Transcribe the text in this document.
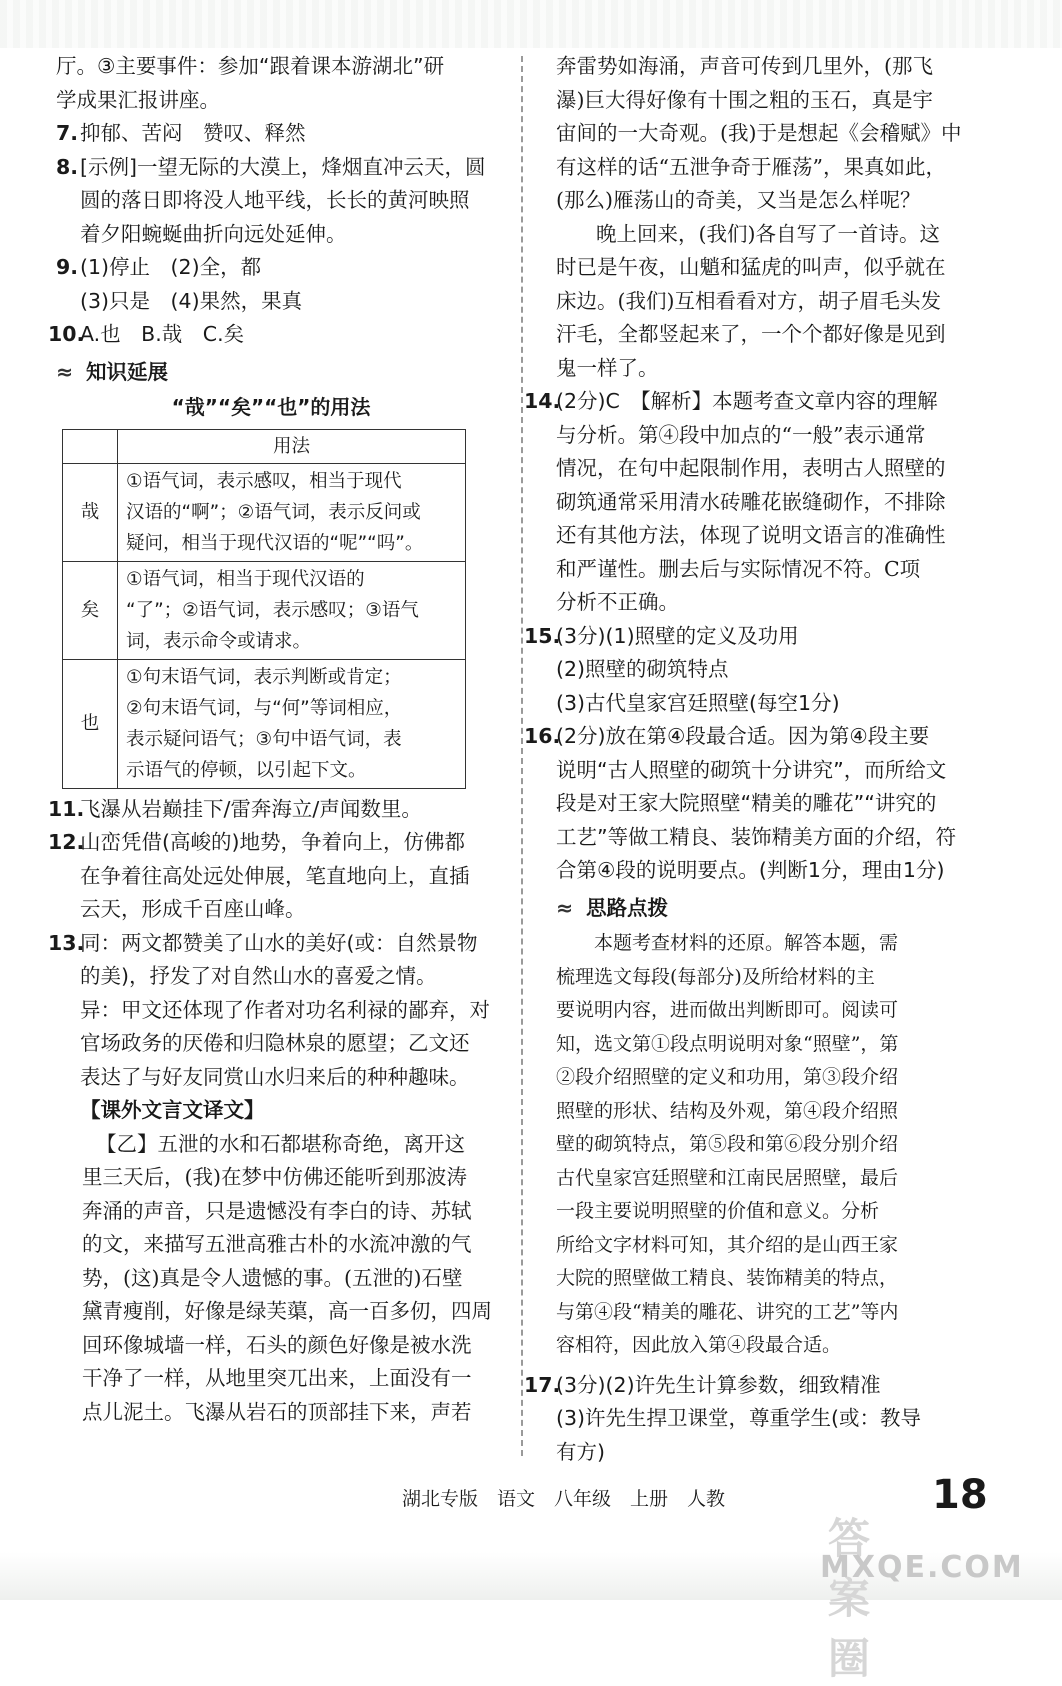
厅。③主要事件：参加“跟着课本游湖北”研
学成果汇报讲座。
7.抑郁、苦闷　赞叹、释然
8.[示例]一望无际的大漠上，烽烟直冲云天，圆
圆的落日即将没人地平线，长长的黄河映照
着夕阳蜿蜒曲折向远处延伸。
9.(1)停止　(2)全，都
(3)只是　(4)果然，果真
10.A.也　B.哉　C.矣
≈ 知识延展
“哉”“矣”“也”的用法
	用法
哉	①语气词，表示感叹，相当于现代
汉语的“啊”；②语气词，表示反问或
疑问，相当于现代汉语的“呢”“吗”。

矣	①语气词，相当于现代汉语的
“了”；②语气词，表示感叹；③语气
词，表示命令或请求。

也	①句末语气词，表示判断或肯定；
②句末语气词，与“何”等词相应，
表示疑问语气；③句中语气词，表
示语气的停顿，以引起下文。
11.飞瀑从岩巅挂下/雷奔海立/声闻数里。
12.山峦凭借(高峻的)地势，争着向上，仿佛都
在争着往高处远处伸展，笔直地向上，直插
云天，形成千百座山峰。
13.同：两文都赞美了山水的美好(或：自然景物
的美)，抒发了对自然山水的喜爱之情。
异：甲文还体现了作者对功名利禄的鄙弃，对
官场政务的厌倦和归隐林泉的愿望；乙文还
表达了与好友同赏山水归来后的种种趣味。
【课外文言文译文】
【乙】五泄的水和石都堪称奇绝，离开这
里三天后，(我)在梦中仿佛还能听到那波涛
奔涌的声音，只是遗憾没有李白的诗、苏轼
的文，来描写五泄高雅古朴的水流冲激的气
势，(这)真是令人遗憾的事。(五泄的)石壁
黛青瘦削，好像是绿芙蕖，高一百多仞，四周
回环像城墙一样，石头的颜色好像是被水洗
干净了一样，从地里突兀出来，上面没有一
点儿泥土。飞瀑从岩石的顶部挂下来，声若
奔雷势如海涌，声音可传到几里外，(那飞
瀑)巨大得好像有十围之粗的玉石，真是宇
宙间的一大奇观。(我)于是想起《会稽赋》中
有这样的话“五泄争奇于雁荡”，果真如此，
(那么)雁荡山的奇美，又当是怎么样呢？
晚上回来，(我们)各自写了一首诗。这
时已是午夜，山魈和猛虎的叫声，似乎就在
床边。(我们)互相看看对方，胡子眉毛头发
汗毛，全都竖起来了，一个个都好像是见到
鬼一样了。
14.(2分)C　【解析】本题考查文章内容的理解
与分析。第④段中加点的“一般”表示通常
情况，在句中起限制作用，表明古人照壁的
砌筑通常采用清水砖雕花嵌缝砌作，不排除
还有其他方法，体现了说明文语言的准确性
和严谨性。删去后与实际情况不符。C项
分析不正确。
15.(3分)(1)照壁的定义及功用
(2)照壁的砌筑特点
(3)古代皇家宫廷照壁(每空1分)
16.(2分)放在第④段最合适。因为第④段主要
说明“古人照壁的砌筑十分讲究”，而所给文
段是对王家大院照壁“精美的雕花”“讲究的
工艺”等做工精良、装饰精美方面的介绍，符
合第④段的说明要点。(判断1分，理由1分)
≈ 思路点拨
本题考查材料的还原。解答本题，需
梳理选文每段(每部分)及所给材料的主
要说明内容，进而做出判断即可。阅读可
知，选文第①段点明说明对象“照壁”，第
②段介绍照壁的定义和功用，第③段介绍
照壁的形状、结构及外观，第④段介绍照
壁的砌筑特点，第⑤段和第⑥段分别介绍
古代皇家宫廷照壁和江南民居照壁，最后
一段主要说明照壁的价值和意义。分析
所给文字材料可知，其介绍的是山西王家
大院的照壁做工精良、装饰精美的特点，
与第④段“精美的雕花、讲究的工艺”等内
容相符，因此放入第④段最合适。
17.(3分)(2)许先生计算参数，细致精准
(3)许先生捍卫课堂，尊重学生(或：教导
有方)
湖北专版　语文　八年级　上册　人教	18
答案圈
MXQE.COM
